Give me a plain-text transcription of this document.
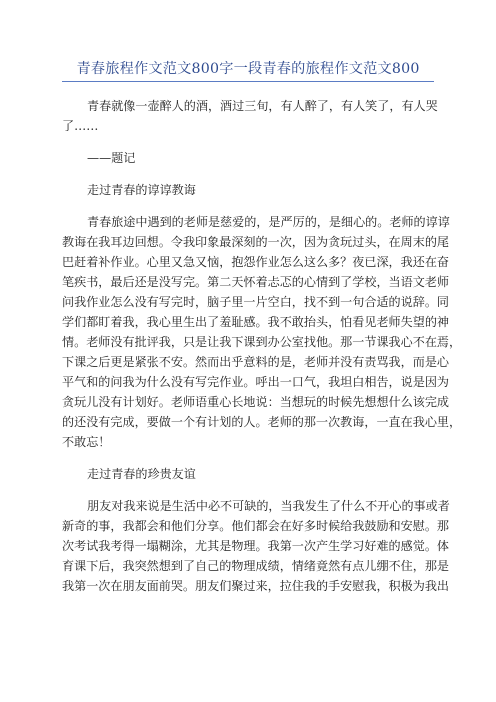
青春旅程作文范文800字一段青春的旅程作文范文800
青春就像一壶醉人的酒，酒过三旬，有人醉了，有人笑了，有人哭
了……
——题记
走过青春的谆谆教诲
青春旅途中遇到的老师是慈爱的，是严厉的，是细心的。老师的谆谆
教诲在我耳边回想。令我印象最深刻的一次，因为贪玩过头，在周末的尾
巴赶着补作业。心里又急又恼，抱怨作业怎么这么多？夜已深，我还在奋
笔疾书，最后还是没写完。第二天怀着忐忑的心情到了学校，当语文老师
问我作业怎么没有写完时，脑子里一片空白，找不到一句合适的说辞。同
学们都盯着我，我心里生出了羞耻感。我不敢抬头，怕看见老师失望的神
情。老师没有批评我，只是让我下课到办公室找他。那一节课我心不在焉，
下课之后更是紧张不安。然而出乎意料的是，老师并没有责骂我，而是心
平气和的问我为什么没有写完作业。呼出一口气，我坦白相告，说是因为
贪玩儿没有计划好。老师语重心长地说：当想玩的时候先想想什么该完成
的还没有完成，要做一个有计划的人。老师的那一次教诲，一直在我心里，
不敢忘！
走过青春的珍贵友谊
朋友对我来说是生活中必不可缺的，当我发生了什么不开心的事或者
新奇的事，我都会和他们分享。他们都会在好多时候给我鼓励和安慰。那
次考试我考得一塌糊涂，尤其是物理。我第一次产生学习好难的感觉。体
育课下后，我突然想到了自己的物理成绩，情绪竟然有点儿绷不住，那是
我第一次在朋友面前哭。朋友们聚过来，拉住我的手安慰我，积极为我出
